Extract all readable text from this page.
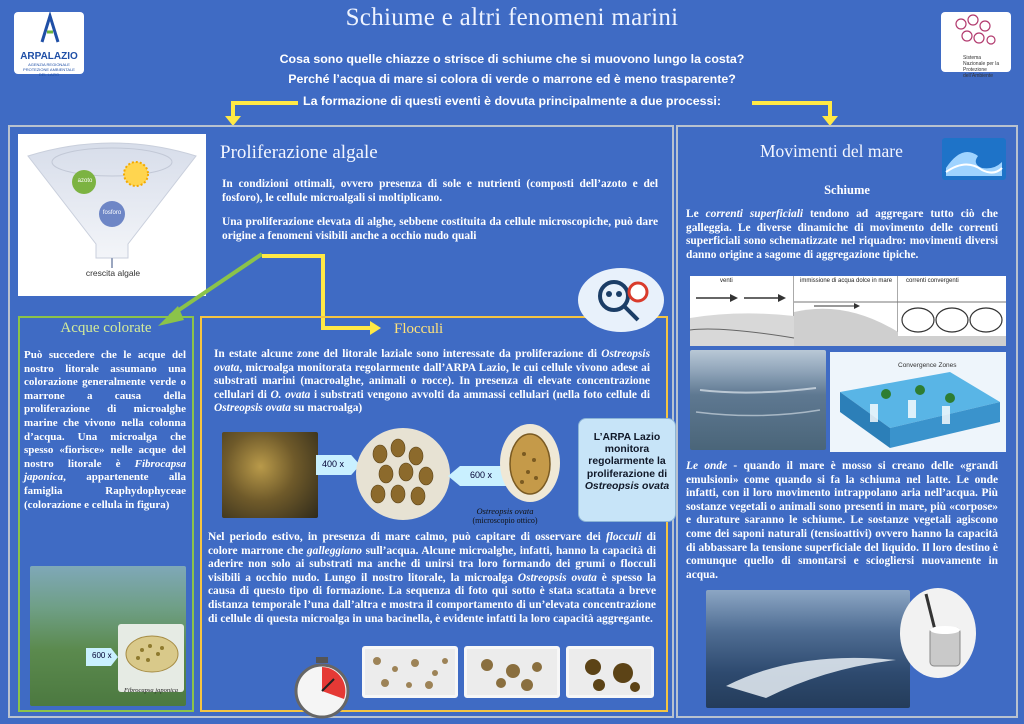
Schiume e altri fenomeni marini
Cosa sono quelle chiazze o strisce di schiume che si muovono lungo la costa?
Perché l’acqua di mare si colora di verde o marrone ed è meno trasparente?
La formazione di questi eventi è dovuta principalmente a due processi:
ARPALAZIO
AGENZIA REGIONALE PROTEZIONE AMBIENTALE DEL LAZIO
Sistema Nazionale per la Protezione dell’Ambiente
azoto
fosforo
crescita algale
Proliferazione algale
In condizioni ottimali, ovvero presenza di sole e nutrienti (composti dell’azoto e del fosforo), le cellule microalgali si moltiplicano.
Una proliferazione elevata di alghe, sebbene costituita da cellule microscopiche, può dare origine a fenomeni visibili anche a occhio nudo quali
Acque colorate
Può succedere che le acque del nostro litorale assumano una colorazione generalmente verde o marrone a causa della proliferazione di microalghe marine che vivono nella colonna d’acqua. Una microalga che spesso «fiorisce» nelle acque del nostro litorale è Fibrocapsa japonica, appartenente alla famiglia Raphydophyceae (colorazione e cellula in figura)
Fibrocapsa japonica
600 x
Flocculi
In estate alcune zone del litorale laziale sono interessate da proliferazione di Ostreopsis ovata, microalga monitorata regolarmente dall’ARPA Lazio, le cui cellule vivono adese ai substrati marini (macroalghe, animali o rocce). In presenza di elevate concentrazione cellulari di O. ovata i substrati vengono avvolti da ammassi cellulari (nella foto cellule di Ostreopsis ovata su macroalga)
400 x
600 x
Ostreopsis ovata
(microscopio ottico)
L’ARPA Lazio monitora regolarmente la proliferazione di Ostreopsis ovata
Nel periodo estivo, in presenza di mare calmo, può capitare di osservare dei flocculi di colore marrone che galleggiano sull’acqua. Alcune microalghe, infatti, hanno la capacità di aderire non solo ai substrati ma anche di unirsi tra loro formando dei grumi o flocculi visibili a occhio nudo. Lungo il nostro litorale, la microalga Ostreopsis ovata è spesso la causa di questo tipo di formazione. La sequenza di foto qui sotto è stata scattata a breve distanza temporale l’una dall’altra e mostra il comportamento di un’elevata concentrazione di cellule di questa microalga in una bacinella, è evidente infatti la loro capacità aggregante.
Movimenti del mare
Schiume
Le correnti superficiali tendono ad aggregare tutto ciò che galleggia. Le diverse dinamiche di movimento delle correnti superficiali sono schematizzate nel riquadro: movimenti diversi danno origine a sagome di aggregazione tipiche.
venti	immissione di acqua dolce in mare	correnti convergenti
Convergence Zones
Le onde - quando il mare è mosso si creano delle «grandi emulsioni» come quando si fa la schiuma nel latte. Le onde infatti, con il loro movimento intrappolano aria nell’acqua. Più sostanze vegetali o animali sono presenti in mare, più «corpose» e durature saranno le schiume. Le sostanze vegetali agiscono come dei saponi naturali (tensioattivi) ovvero hanno la capacità di abbassare la tensione superficiale del liquido. Il loro destino è comunque quello di smontarsi e sciogliersi nuovamente in acqua.
